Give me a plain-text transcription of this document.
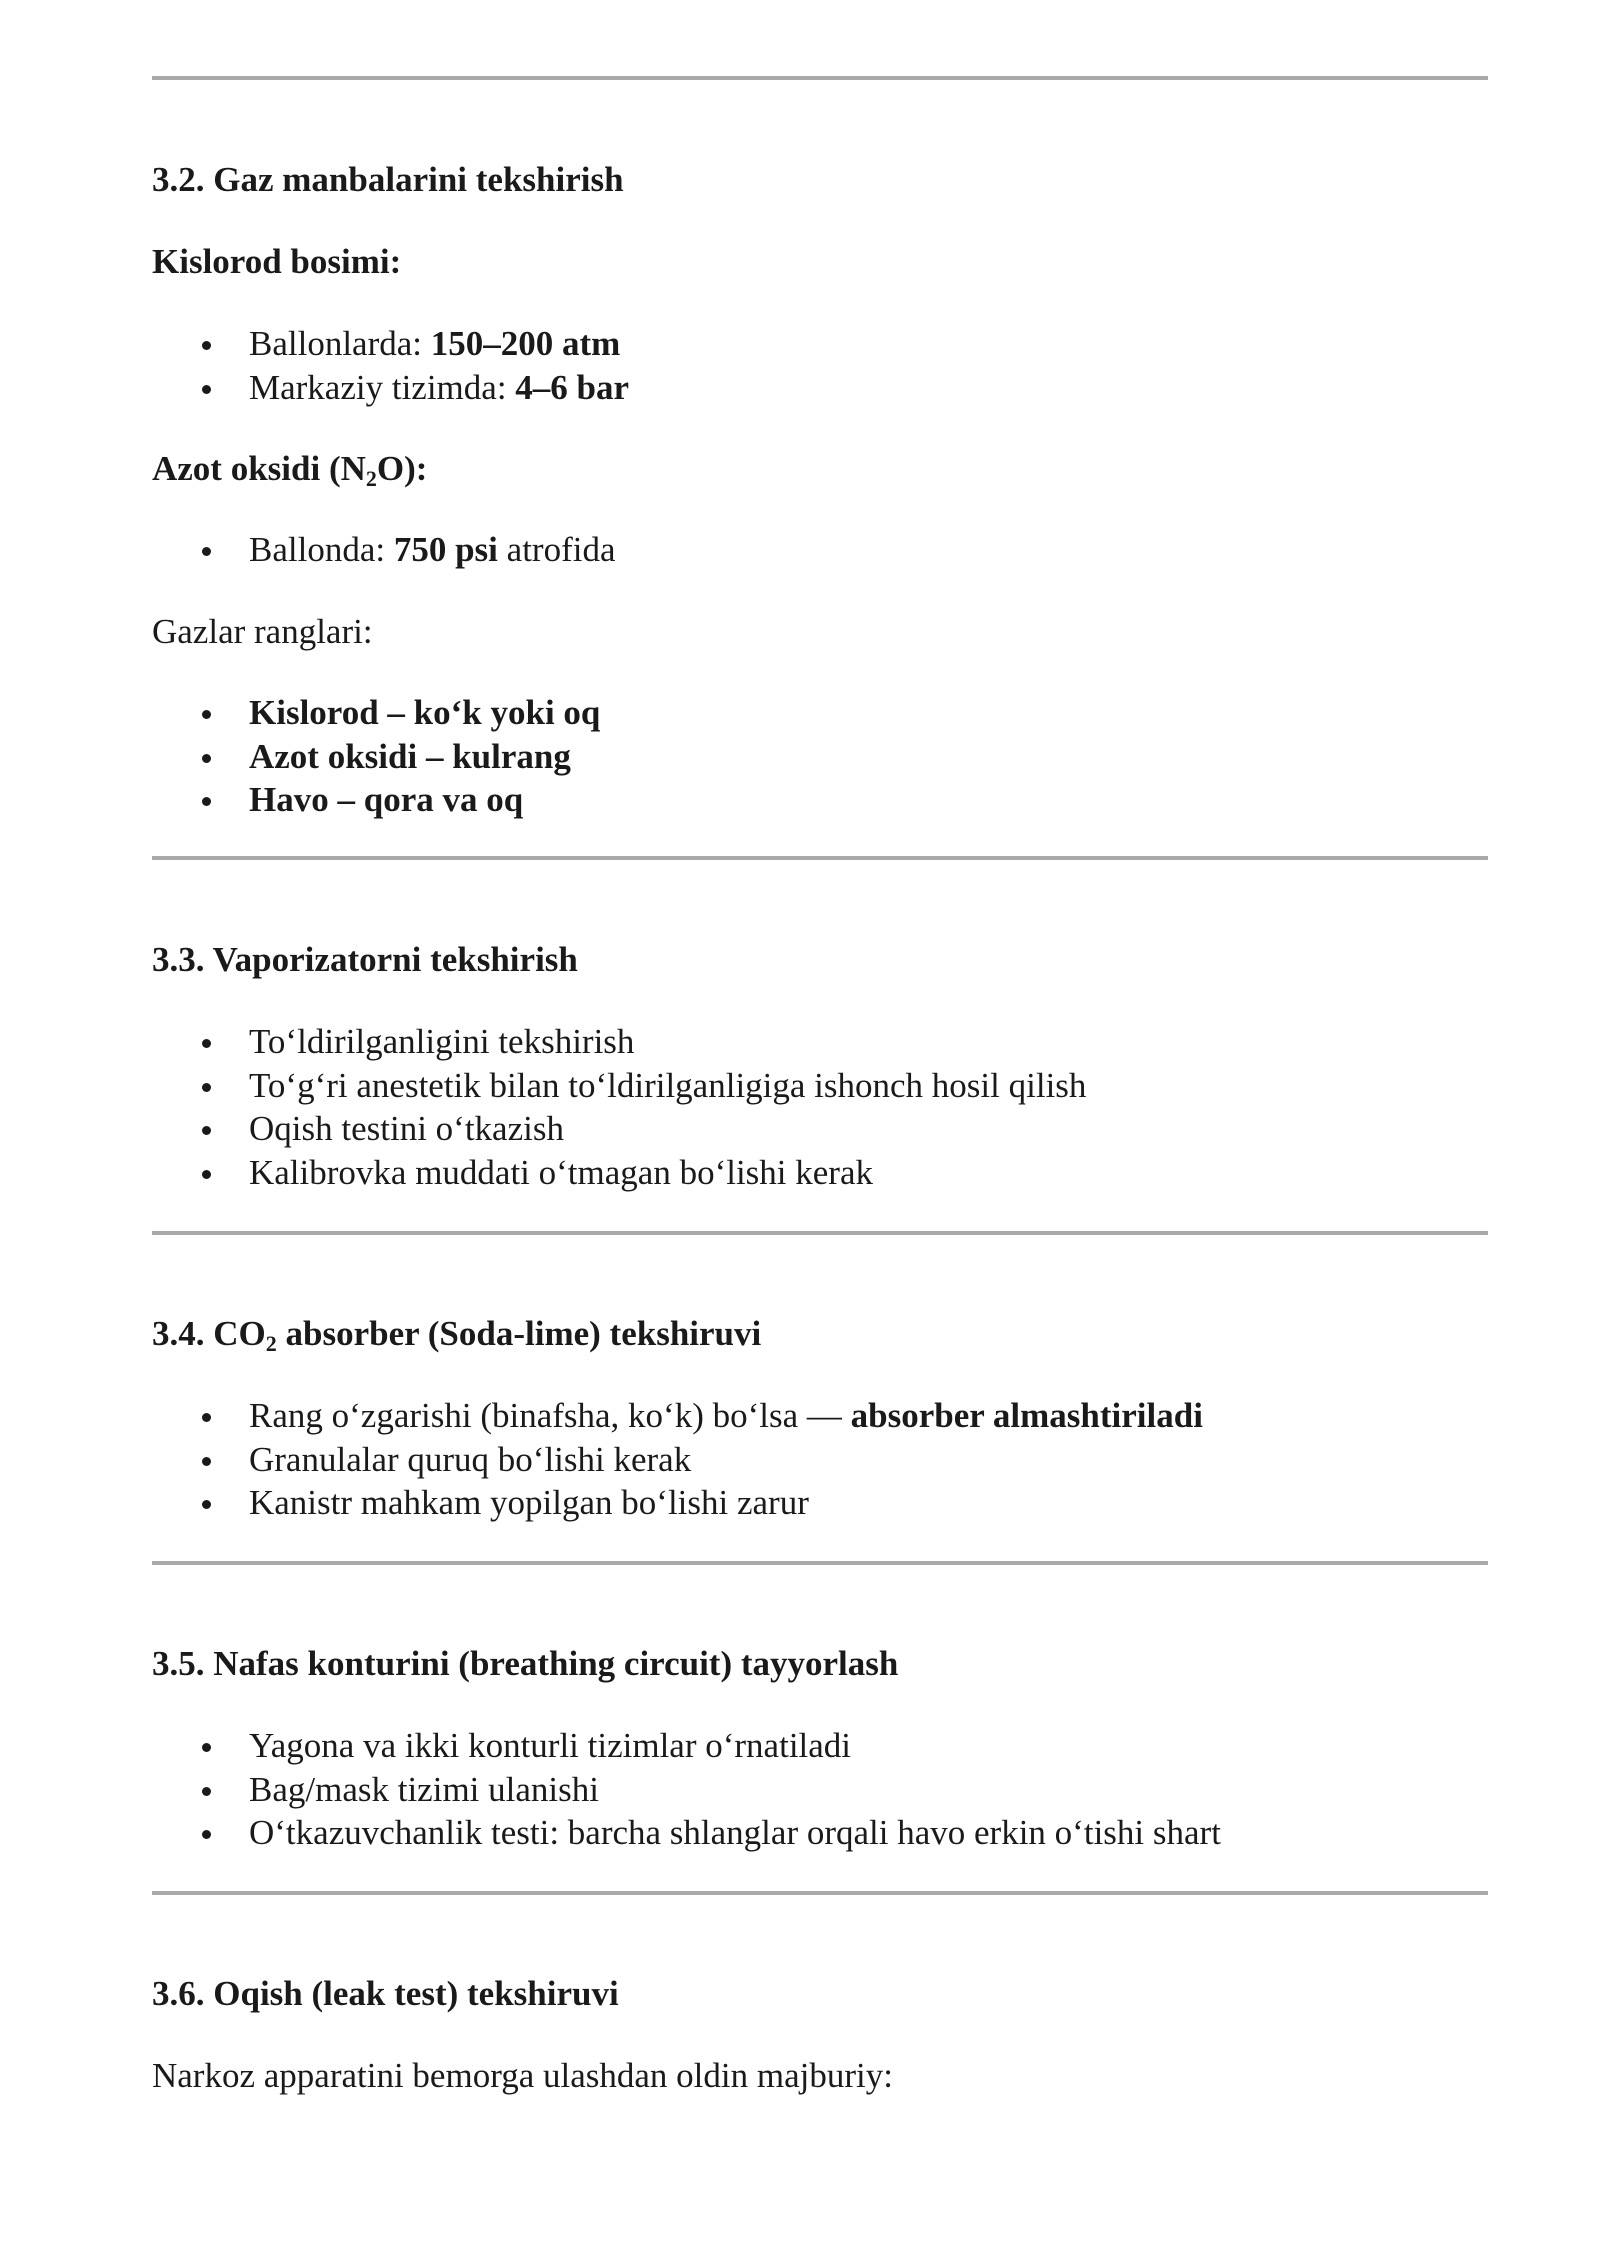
3.2. Gaz manbalarini tekshirish
Kislorod bosimi:
Ballonlarda: 150–200 atm
Markaziy tizimda: 4–6 bar
Azot oksidi $(N_2O)$:
Ballonda: 750 psi atrofida

Gazlar ranglari:

Kislorod – ko‘k yoki oq
Azot oksidi – kulrang
Havo – qora va oq
3.3. Vaporizatorni tekshirish
To‘ldirilganligini tekshirish
To‘g‘ri anestetik bilan to‘ldirilganligiga ishonch hosil qilish
Oqish testini o‘tkazish
Kalibrovka muddati o‘tmagan bo‘lishi kerak
3.4. $CO_2$ absorber (Soda-lime) tekshiruvi
Rang o‘zgarishi (binafsha, ko‘k) bo‘lsa — absorber almashtiriladi
Granulalar quruq bo‘lishi kerak
Kanistr mahkam yopilgan bo‘lishi zarur
3.5. Nafas konturini (breathing circuit) tayyorlash
Yagona va ikki konturli tizimlar o‘rnatiladi
Bag/mask tizimi ulanishi
O‘tkazuvchanlik testi: barcha shlanglar orqali havo erkin o‘tishi shart
3.6. Oqish (leak test) tekshiruvi

Narkoz apparatini bemorga ulashdan oldin majburiy:
